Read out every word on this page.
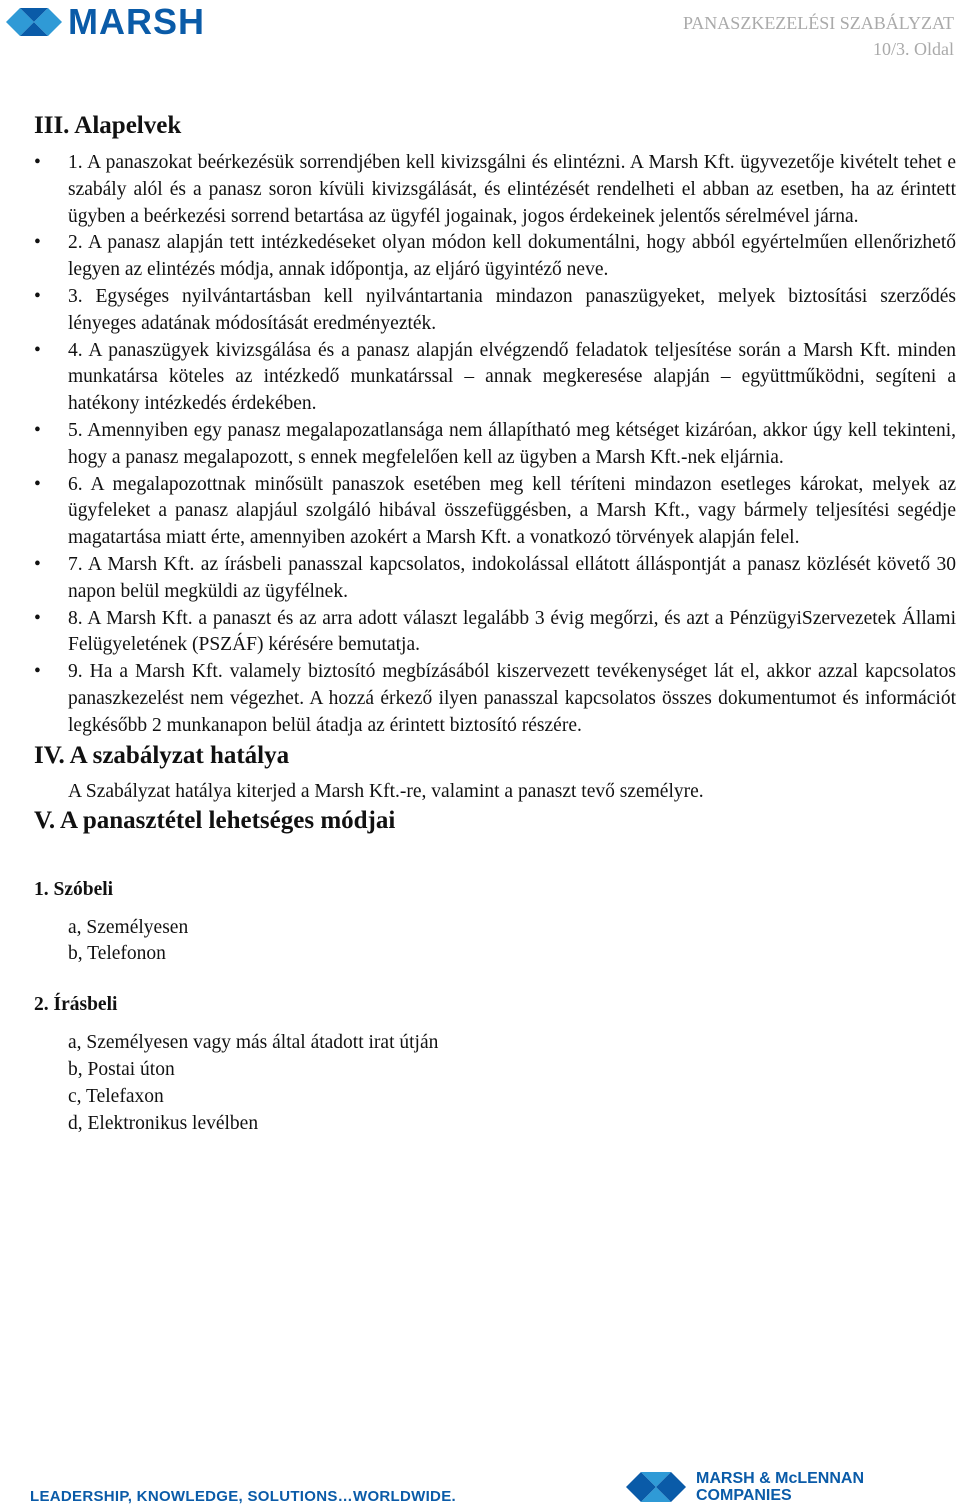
MARSH	PANASZKEZELÉSI SZABÁLYZAT
10/3. Oldal
III. Alapelvek
• 1. A panaszokat beérkezésük sorrendjében kell kivizsgálni és elintézni. A Marsh Kft. ügyvezetője kivételt tehet e szabály alól és a panasz soron kívüli kivizsgálását, és elintézését rendelheti el abban az esetben, ha az érintett ügyben a beérkezési sorrend betartása az ügyfél jogainak, jogos érdekeinek jelentős sérelmével járna.
• 2. A panasz alapján tett intézkedéseket olyan módon kell dokumentálni, hogy abból egyértelműen ellenőrizhető legyen az elintézés módja, annak időpontja, az eljáró ügyintéző neve.
• 3. Egységes nyilvántartásban kell nyilvántartania mindazon panaszügyeket, melyek biztosítási szerződés lényeges adatának módosítását eredményezték.
• 4. A panaszügyek kivizsgálása és a panasz alapján elvégzendő feladatok teljesítése során a Marsh Kft. minden munkatársa köteles az intézkedő munkatárssal – annak megkeresése alapján – együttműködni, segíteni a hatékony intézkedés érdekében.
• 5. Amennyiben egy panasz megalapozatlansága nem állapítható meg kétséget kizáróan, akkor úgy kell tekinteni, hogy a panasz megalapozott, s ennek megfelelően kell az ügyben a Marsh Kft.-nek eljárnia.
• 6. A megalapozottnak minősült panaszok esetében meg kell téríteni mindazon esetleges károkat, melyek az ügyfeleket a panasz alapjául szolgáló hibával összefüggésben, a Marsh Kft., vagy bármely teljesítési segédje magatartása miatt érte, amennyiben azokért a Marsh Kft. a vonatkozó törvények alapján felel.
• 7. A Marsh Kft. az írásbeli panasszal kapcsolatos, indokolással ellátott álláspontját a panasz közlését követő 30 napon belül megküldi az ügyfélnek.
• 8. A Marsh Kft. a panaszt és az arra adott választ legalább 3 évig megőrzi, és azt a PénzügyiSzervezetek Állami Felügyeletének (PSZÁF) kérésére bemutatja.
• 9. Ha a Marsh Kft. valamely biztosító megbízásából kiszervezett tevékenységet lát el, akkor azzal kapcsolatos panaszkezelést nem végezhet. A hozzá érkező ilyen panasszal kapcsolatos összes dokumentumot és információt legkésőbb 2 munkanapon belül átadja az érintett biztosító részére.
IV. A szabályzat hatálya
A Szabályzat hatálya kiterjed a Marsh Kft.-re, valamint a panaszt tevő személyre.
V. A panasztétel lehetséges módjai
1. Szóbeli
a, Személyesen
b, Telefonon
2. Írásbeli
a, Személyesen vagy más által átadott irat útján
b, Postai úton
c, Telefaxon
d, Elektronikus levélben
LEADERSHIP, KNOWLEDGE, SOLUTIONS…WORLDWIDE.
MARSH & McLENNAN
COMPANIES
